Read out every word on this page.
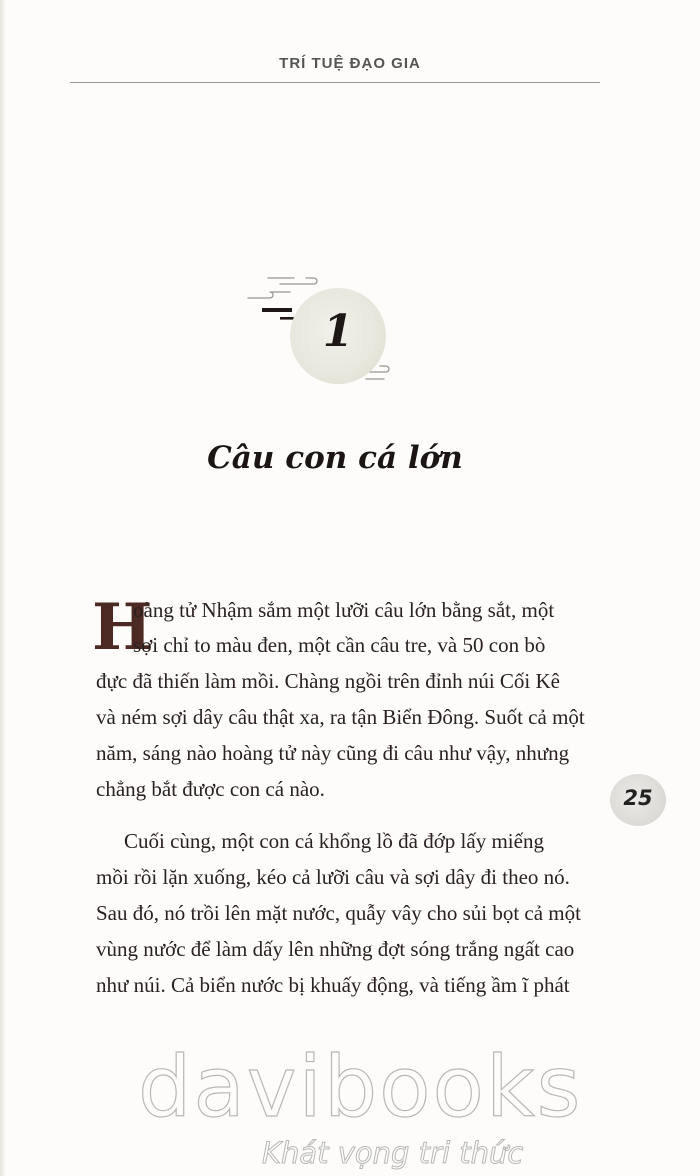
TRÍ TUỆ ĐẠO GIA
1
Câu con cá lớn
H
oàng tử Nhậm sắm một lưỡi câu lớn bằng sắt, một
sợi chỉ to màu đen, một cần câu tre, và 50 con bò
đực đã thiến làm mồi. Chàng ngồi trên đỉnh núi Cối Kê
và ném sợi dây câu thật xa, ra tận Biển Đông. Suốt cả một
năm, sáng nào hoàng tử này cũng đi câu như vậy, nhưng
chẳng bắt được con cá nào.
Cuối cùng, một con cá khổng lồ đã đớp lấy miếng
mồi rồi lặn xuống, kéo cả lưỡi câu và sợi dây đi theo nó.
Sau đó, nó trồi lên mặt nước, quẫy vây cho sủi bọt cả một
vùng nước để làm dấy lên những đợt sóng trắng ngất cao
như núi. Cả biển nước bị khuấy động, và tiếng ầm ĩ phát
25
davibooks
Khát vọng tri thức
